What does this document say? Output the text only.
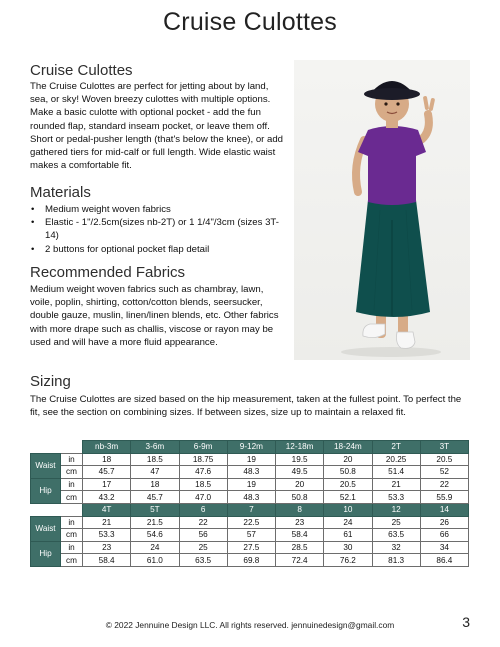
Cruise Culottes
Cruise Culottes
The Cruise Culottes are perfect for jetting about by land, sea, or sky! Woven breezy culottes with multiple options. Make a basic culotte with optional pocket - add the fun rounded flap, standard inseam pocket, or leave them off. Short or pedal-pusher length (that's below the knee), or add gathered tiers for mid-calf or full length. Wide elastic waist makes a comfortable fit.
Materials
• Medium weight woven fabrics
• Elastic - 1"/2.5cm(sizes nb-2T) or 1 1/4"/3cm (sizes 3T-14)
• 2 buttons for optional pocket flap detail
Recommended Fabrics
Medium weight woven fabrics such as chambray, lawn, voile, poplin, shirting, cotton/cotton blends, seersucker, double gauze, muslin, linen/linen blends, etc. Other fabrics with more drape such as challis, viscose or rayon may be used and will have a more fluid appearance.
Sizing
The Cruise Culottes are sized based on the hip measurement, taken at the fullest point. To perfect the fit, see the section on combining sizes. If between sizes, size up to maintain a relaxed fit.
		nb-3m	3-6m	6-9m	9-12m	12-18m	18-24m	2T	3T
Waist	in	18	18.5	18.75	19	19.5	20	20.25	20.5
	cm	45.7	47	47.6	48.3	49.5	50.8	51.4	52
Hip	in	17	18	18.5	19	20	20.5	21	22
	cm	43.2	45.7	47.0	48.3	50.8	52.1	53.3	55.9
		4T	5T	6	7	8	10	12	14
Waist	in	21	21.5	22	22.5	23	24	25	26
	cm	53.3	54.6	56	57	58.4	61	63.5	66
Hip	in	23	24	25	27.5	28.5	30	32	34
	cm	58.4	61.0	63.5	69.8	72.4	76.2	81.3	86.4
© 2022 Jennuine Design LLC. All rights reserved. jennuinedesign@gmail.com	3
